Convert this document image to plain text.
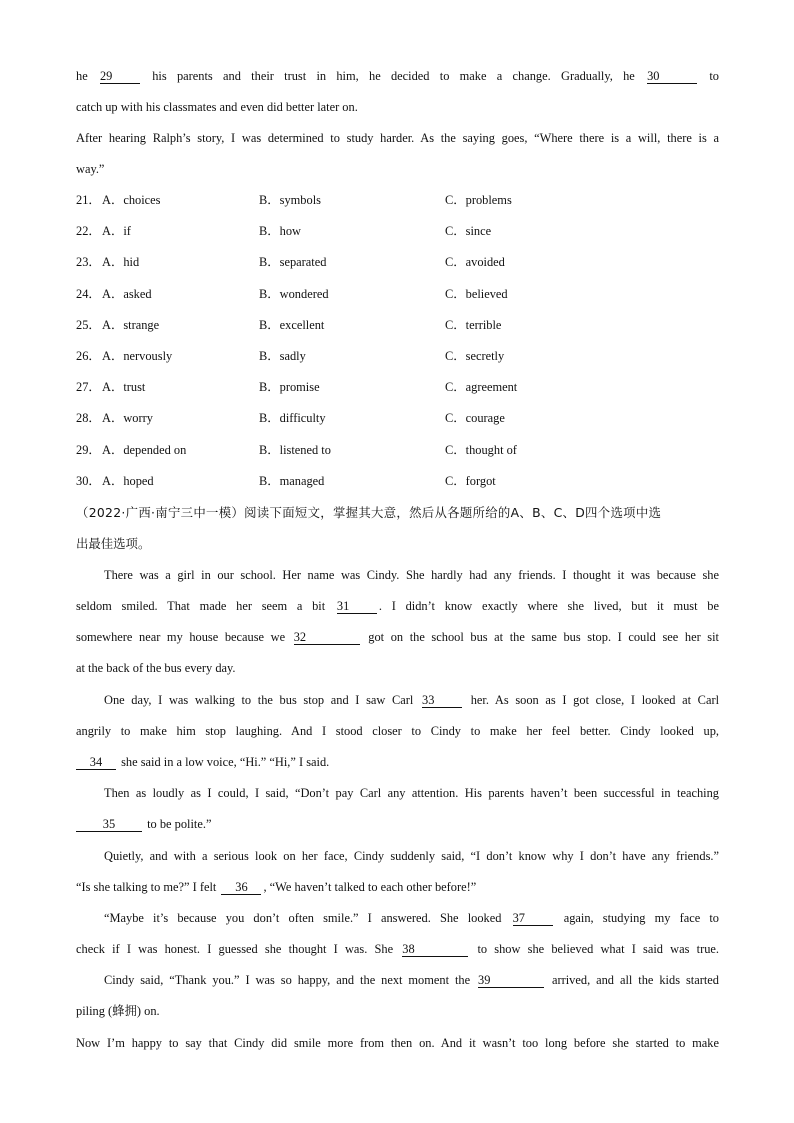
he 29 his parents and their trust in him, he decided to make a change. Gradually, he 30	to
catch up with his classmates and even did better later on.
After hearing Ralph’s story, I was determined to study harder. As the saying goes, “Where there is a will, there is a
way.”
21． A．choices	B．symbols	C．problems
22． A．if	B．how	C．since
23． A．hid	B．separated	C．avoided
24． A．asked	B．wondered	C．believed
25． A．strange	B．excellent	C．terrible
26． A．nervously	B．sadly	C．secretly
27． A．trust	B．promise	C．agreement
28． A．worry	B．difficulty	C．courage
29． A．depended on	B．listened to	C．thought of
30． A．hoped	B．managed	C．forgot
（2022·广西·南宁三中一模）阅读下面短文，掌握其大意，然后从各题所给的A、B、C、D四个选项中选
出最佳选项。
There was a girl in our school. Her name was Cindy. She hardly had any friends. I thought it was because she
seldom smiled. That made her seem a bit 31 . I didn’t know exactly where she lived, but it must be
somewhere near my house because we 32	got on the school bus at the same bus stop. I could see her sit
at the back of the bus every day.
One day, I was walking to the bus stop and I saw Carl 33 her. As soon as I got close, I looked at Carl
angrily to make him stop laughing. And I stood closer to Cindy to make her feel better. Cindy looked up,
34 she said in a low voice, “Hi.” “Hi,” I said.
Then as loudly as I could, I said, “Don’t pay Carl any attention. His parents haven’t been successful in teaching
35 to be polite.”
Quietly, and with a serious look on her face, Cindy suddenly said, “I don’t know why I don’t have any friends.”
“Is she talking to me?” I felt 36 , “We haven’t talked to each other before!”
“Maybe it’s because you don’t often smile.” I answered. She looked 37 again, studying my face to
check if I was honest. I guessed she thought I was. She 38	to show she believed what I said was true.
Cindy said, “Thank you.” I was so happy, and the next moment the 39	arrived, and all the kids started
piling (蜂拥) on.
Now I’m happy to say that Cindy did smile more from then on. And it wasn’t too long before she started to make
